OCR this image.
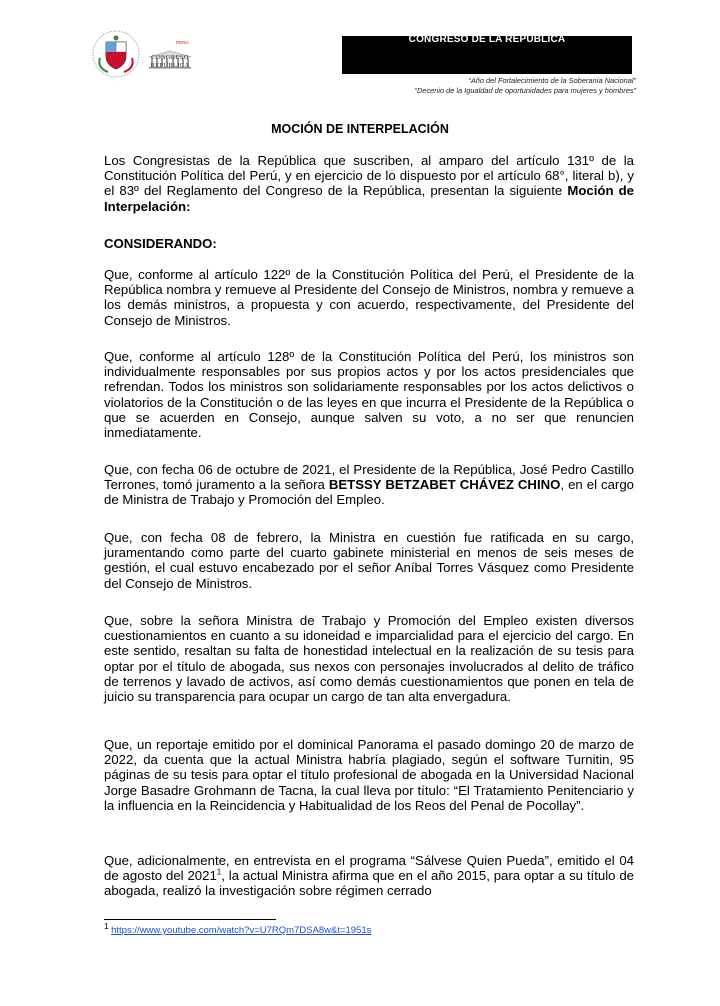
PERÚ
CONGRESO
REPÚBLICA
CONGRESO DE LA REPÚBLICA
“Año del Fortalecimiento de la Soberanía Nacional”
“Decenio de la Igualdad de oportunidades para mujeres y hombres”
MOCIÓN DE INTERPELACIÓN

Los Congresistas de la República que suscriben, al amparo del artículo 131º de la Constitución Política del Perú, y en ejercicio de lo dispuesto por el artículo 68°, literal b), y el 83º del Reglamento del Congreso de la República, presentan la siguiente Moción de Interpelación:

CONSIDERANDO:

Que, conforme al artículo 122º de la Constitución Política del Perú, el Presidente de la República nombra y remueve al Presidente del Consejo de Ministros, nombra y remueve a los demás ministros, a propuesta y con acuerdo, respectivamente, del Presidente del Consejo de Ministros.

Que, conforme al artículo 128º de la Constitución Política del Perú, los ministros son individualmente responsables por sus propios actos y por los actos presidenciales que refrendan. Todos los ministros son solidariamente responsables por los actos delictivos o violatorios de la Constitución o de las leyes en que incurra el Presidente de la República o que se acuerden en Consejo, aunque salven su voto, a no ser que renuncien inmediatamente.

Que, con fecha 06 de octubre de 2021, el Presidente de la República, José Pedro Castillo Terrones, tomó juramento a la señora BETSSY BETZABET CHÁVEZ CHINO, en el cargo de Ministra de Trabajo y Promoción del Empleo.

Que, con fecha 08 de febrero, la Ministra en cuestión fue ratificada en su cargo, juramentando como parte del cuarto gabinete ministerial en menos de seis meses de gestión, el cual estuvo encabezado por el señor Aníbal Torres Vásquez como Presidente del Consejo de Ministros.

Que, sobre la señora Ministra de Trabajo y Promoción del Empleo existen diversos cuestionamientos en cuanto a su idoneidad e imparcialidad para el ejercicio del cargo. En este sentido, resaltan su falta de honestidad intelectual en la realización de su tesis para optar por el título de abogada, sus nexos con personajes involucrados al delito de tráfico de terrenos y lavado de activos, así como demás cuestionamientos que ponen en tela de juicio su transparencia para ocupar un cargo de tan alta envergadura.

Que, un reportaje emitido por el dominical Panorama el pasado domingo 20 de marzo de 2022, da cuenta que la actual Ministra habría plagiado, según el software Turnitin, 95 páginas de su tesis para optar el título profesional de abogada en la Universidad Nacional Jorge Basadre Grohmann de Tacna, la cual lleva por título: “El Tratamiento Penitenciario y la influencia en la Reincidencia y Habitualidad de los Reos del Penal de Pocollay”.

Que, adicionalmente, en entrevista en el programa “Sálvese Quien Pueda”, emitido el 04 de agosto del 2021$^1$, la actual Ministra afirma que en el año 2015, para optar a su título de abogada, realizó la investigación sobre régimen cerrado

$^1$ https://www.youtube.com/watch?v=U7RQm7DSA8w&t=1951s
